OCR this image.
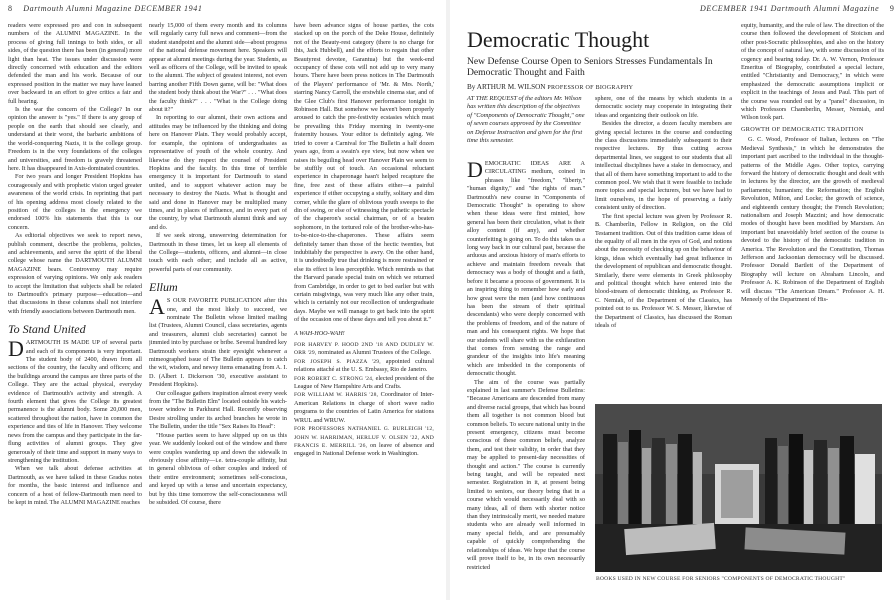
8 Dartmouth Alumni Magazine DECEMBER 1941

readers were expressed pro and con in subsequent numbers of the ALUMNI MAGAZINE. In the process of giving full innings to both sides, or all sides, of the question there has been (in general) more light than heat. The issues under discussion were directly concerned with education and the editors defended the man and his work. Because of our expressed position in the matter we may have leaned over backward in an effort to give critics a fair and full hearing.

Is the war the concern of the College? In our opinion the answer is "yes." If there is any group of people on the earth that should see clearly, and understand at their worst, the barbaric ambitions of the world-conquering Nazis, it is the college group. Freedom is in the very foundations of the colleges and universities, and freedom is gravely threatened here. It has disappeared in Axis-dominated countries.

For two years and longer President Hopkins has courageously and with prophetic vision urged greater awareness of the world crisis. In reprinting that part of his opening address most closely related to the position of the colleges in the emergency we endorsed 100% his statements that this is our concern.

As editorial objectives we seek to report news, publish comment, describe the problems, policies, and achievements, and serve the spirit of the liberal college whose name the DARTMOUTH ALUMNI MAGAZINE bears. Controversy may require expression of varying opinions. We only ask readers to accept the limitation that subjects shall be related to Dartmouth's primary purpose—education—and that discussions in these columns shall not interfere with friendly associations between Dartmouth men.

To Stand United

DARTMOUTH IS MADE UP of several parts and each of its components is very important. The student body of 2400, drawn from all sections of the country, the faculty and officers; and the buildings around the campus are three parts of the College. They are the actual physical, everyday evidence of Dartmouth's activity and strength. A fourth element that gives the College its greatest permanence is the alumni body. Some 20,000 men, scattered throughout the nation, have in common the experience and ties of life in Hanover. They welcome news from the campus and they participate in the far-flung activities of alumni groups. They give generously of their time and support in many ways to strengthening the institution.

When we talk about defense activities at Dartmouth, as we have talked in these Gradus notes for months, the basic interest and influence and concern of a host of fellow-Dartmouth men need to be kept in mind. The ALUMNI MAGAZINE reaches

nearly 15,000 of them every month and its columns will regularly carry full news and comment—from the student standpoint and the alumni side—about progress of the national defense movement here. Speakers will appear at alumni meetings during the year. Students, as well as officers of the College, will be invited to speak to the alumni. The subject of greatest interest, not even barring another Fifth Down game, will be: "What does the student body think about the War?" . . . "What does the faculty think?" . . . "What is the College doing about it?"

In reporting to our alumni, their own actions and attitudes may be influenced by the thinking and doing here on Hanover Plain. They would probably accept, for example, the opinions of undergraduates as representative of youth of the whole country. And likewise do they respect the counsel of President Hopkins and the faculty. In this time of terrible emergency it is important for Dartmouth to stand united, and to support whatever action may be necessary to destroy the Nazis. What is thought and said and done in Hanover may be multiplied many times, and in places of influence, and in every part of the country, by what Dartmouth alumni think and say and do.

If we seek strong, unswerving determination for Dartmouth in these times, let us keep all elements of the College—students, officers, and alumni—in close touch with each other; and include all as active, powerful parts of our community.

Ellum

A S OUR FAVORITE PUBLICATION after this one, and the most likely to succeed, we nominate The Bulletin whose limited mailing list (Trustees, Alumni Council, class secretaries, agents and treasurers, alumni club secretaries) cannot be jimmied into by purchase or bribe. Several hundred key Dartmouth workers strain their eyesight whenever a mimeographed issue of The Bulletin appears to catch the wit, wisdom, and newsy items emanating from A. I. D. (Albert I. Dickerson '30, executive assistant to President Hopkins).

Our colleague gathers inspiration almost every week from the "The Bulletin Elm" located outside his watch-tower window in Parkhurst Hall. Recently observing Desire strolling under its arched branches he wrote in The Bulletin, under the title "Sex Raises Its Head":

"House parties seem to have slipped up on us this year. We suddenly looked out of the window and there were couples wandering up and down the sidewalk in obviously close affinity—i.e. tetra-couple affinity, but in general oblivious of other couples and indeed of their entire environment; sometimes self-conscious, and keyed up with a tense and uncertain expectancy, but by this time tomorrow the self-consciousness will be subsided. Of course, there

have been advance signs of house parties, the cots stacked up on the porch of the Deke House, definitely not of the Beauty-rest category (there is no charge for this, Jack Hubbell), and the efforts to regain that other Beautyrest devotee, Garantua) but the week-end occupancy of these cots will not add up to very many hours. There have been press notices in The Dartmouth of the Players' performance of 'Mr. & Mrs. North,' starring Nancy Carroll, the erstwhile cinema star, and of the Glee Club's first Hanover performance tonight in Robinson Hall. But somehow we haven't been properly aroused to catch the pre-festivity ecstasies which must be prevailing this Friday morning in twenty-one fraternity houses. Your editor is definitely aging. We tried to cover a Carnival for The Bulletin a half dozen years ago, from a swain's eye view, but now when we raises its beguiling head over Hanover Plain we seem to be stuffily out of touch. An occasional reluctant experience in chaperonage hasn't helped recapture the fine, free zest of these affairs either—a painful experience if either occupying a stuffy, solitary and dim corner, while the glare of oblivious youth sweeps to the din of swing, or else of witnessing the pathetic spectacle of the chaperon's social chairman, or of a beaten sophomore, in the tortured role of the brother-who-has-to-be-nice-to-the-chaperones. These affairs seem definitely tamer than those of the hectic twenties, but indubitably the perspective is awry. On the other hand, it is undoubtedly true that drinking is more restrained or else its effect is less perceptible. Which reminds us that the Harvard parade special train on which we returned from Cambridge, in order to get to bed earlier but with certain misgivings, was very much like any other train, which is certainly not our recollection of undergraduate days. Maybe we will manage to get back into the spirit of the occasion one of these days and tell you about it."

A WAH-HOO-WAH!

FOR HARVEY P. HOOD 2ND '18 AND DUDLEY W. ORR '29, nominated as Alumni Trustees of the College.

FOR JOSEPH S. PIAZZA '29, appointed cultural relations attaché at the U. S. Embassy, Rio de Janeiro.

FOR ROBERT C. STRONG '24, elected president of the League of New Hampshire Arts and Crafts.

FOR WILLIAM W. HARRIS '28, Coordinator of Inter-American Relations in charge of short wave radio programs to the countries of Latin America for stations WRUL and WRUW.

FOR PROFESSORS NATHANIEL G. BURLEIGH '12, JOHN W. HARRIMAN, HERLUF V. OLSEN '22, AND FRANCIS E. MERRILL '26, on leave of absence and engaged in National Defense work in Washington.

DECEMBER 1941 Dartmouth Alumni Magazine 9
Democratic Thought
New Defense Course Open to Seniors Stresses Fundamentals In Democratic Thought and Faith
By ARTHUR M. WILSON PROFESSOR OF BIOGRAPHY
AT THE REQUEST of the editors Mr. Wilson has written this description of the objectives of "Components of Democratic Thought," one of seven courses approved by the Committee on Defense Instruction and given for the first time this semester.

DEMOCRATIC IDEAS ARE A CIRCULATING medium, coined in phrases like "freedom," "liberty," "human dignity," and "the rights of man." Dartmouth's new course in "Components of Democratic Thought" is operating to show when these ideas were first minted, how general has been their circulation, what is their alloy content (if any), and whether counterfeiting is going on. To do this takes us a long way back in our cultural past, because the arduous and anxious history of man's efforts to achieve and maintain freedom reveals that democracy was a body of thought and a faith, before it became a process of government. It is an inspiring thing to remember how early and how great were the men (and how continuous has been the stream of their spiritual descendants) who were deeply concerned with the problems of freedom, and of the nature of man and his consequent rights. We hope that our students will share with us the exhilaration that comes from sensing the range and grandeur of the insights into life's meaning which are imbedded in the components of democratic thought.

The aim of the course was partially explained in last summer's Defense Bulletins: "Because Americans are descended from many and diverse racial groups, that which has bound them all together is not common blood but common beliefs. To secure national unity in the present emergency, citizens must become conscious of these common beliefs, analyze them, and test their validity, in order that they may be applied to present-day necessities of thought and action." The course is currently being taught, and will be repeated next semester. Registration in it, at present being limited to seniors, our theory being that in a course which would necessarily deal with so many ideas, all of them with shorter notice than they intrinsically merit, we needed mature students who are already well informed in many special fields, and are presumably capable of quickly comprehending the relationships of ideas. We hope that the course will prove itself to be, in its own necessarily restricted

sphere, one of the means by which students in a democratic society may cooperate in integrating their ideas and organizing their outlook on life.

Besides the director, a dozen faculty members are giving special lectures in the course and conducting the class discussions immediately subsequent to their respective lectures. By thus cutting across departmental lines, we suggest to our students that all intellectual disciplines have a stake in democracy, and that all of them have something important to add to the common pool. We wish that it were feasible to include more topics and special lecturers, but we have had to limit ourselves, in the hope of preserving a fairly consistent unity of direction.

The first special lecture was given by Professor R. B. Chamberlin, Fellow in Religion, on the Old Testament tradition. Out of this tradition came ideas of the equality of all men in the eyes of God, and notions about the necessity of checking up on the behaviour of kings, ideas which eventually had great influence in the development of republican and democratic thought. Similarly, there were elements in Greek philosophy and political thought which have entered into the blood-stream of democratic thinking, as Professor R. C. Nemiah, of the Department of the Classics, has pointed out to us. Professor W. S. Messer, likewise of the Department of Classics, has discussed the Roman ideals of

equity, humanity, and the rule of law. The direction of the course then followed the development of Stoicism and other post-Socratic philosophies, and also on the history of the concept of natural law, with some discussion of its cogency and bearing today. Dr. A. W. Vernon, Professor Emeritus of Biography, contributed a special lecture, entitled "Christianity and Democracy," in which were emphasized the democratic assumptions implicit or explicit in the teachings of Jesus and Paul. This part of the course was rounded out by a "panel" discussion, in which Professors Chamberlin, Messer, Nemiah, and Wilson took part.

GROWTH OF DEMOCRATIC TRADITION

G. C. Wood, Professor of Italian, lectures on "The Medieval Synthesis," in which he demonstrates the important part ascribed to the individual in the thought-patterns of the Middle Ages. Other topics, carrying forward the history of democratic thought and dealt with in lectures by the director, are the growth of medieval parliaments; humanism; the Reformation; the English Revolution, Milton, and Locke; the growth of science, and eighteenth century thought; the French Revolution; nationalism and Joseph Mazzini; and how democratic modes of thought have been modified by Marxism. An important but unavoidably brief section of the course is devoted to the history of the democratic tradition in America. The Revolution and the Constitution, Thomas Jefferson and Jacksonian democracy will be discussed. Professor Donald Bartlett of the Department of Biography will lecture on Abraham Lincoln, and Professor A. K. Robinson of the Department of English will discuss "The American Dream." Professor A. H. Meneely of the Department of His-

BOOKS USED IN NEW COURSE FOR SENIORS "COMPONENTS OF DEMOCRATIC THOUGHT"
